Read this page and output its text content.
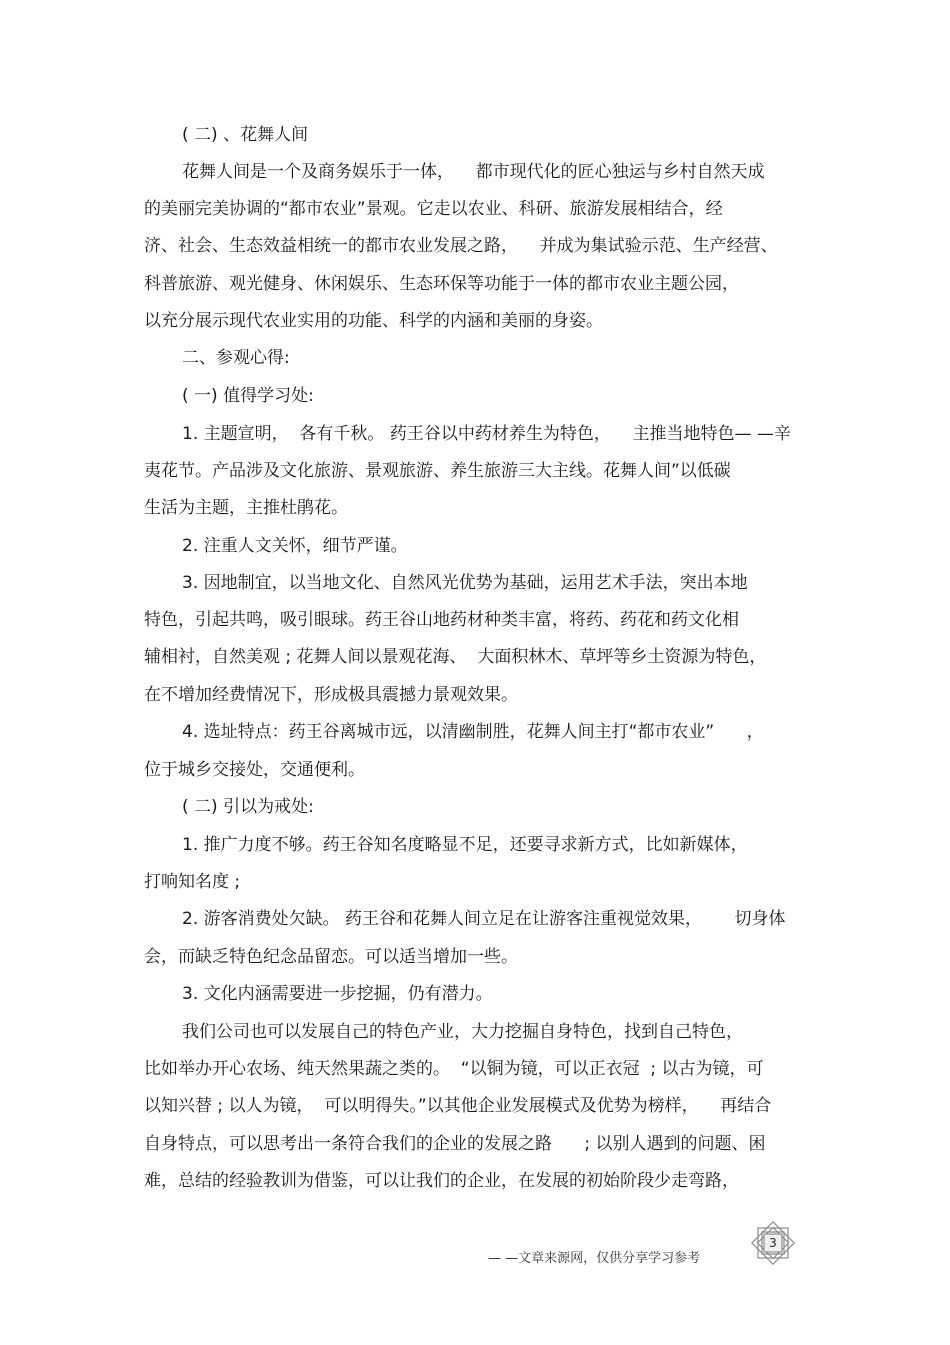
( 二) 、花舞人间
花舞人间是一个及商务娱乐于一体，    都市现代化的匠心独运与乡村自然天成
的美丽完美协调的“都市农业”景观。它走以农业、科研、旅游发展相结合，经
济、社会、生态效益相统一的都市农业发展之路，    并成为集试验示范、生产经营、
科普旅游、观光健身、休闲娱乐、生态环保等功能于一体的都市农业主题公园，
以充分展示现代农业实用的功能、科学的内涵和美丽的身姿。
二、参观心得:
( 一) 值得学习处:
1. 主题宣明，  各有千秋。 药王谷以中药材养生为特色，    主推当地特色— —辛
夷花节。产品涉及文化旅游、景观旅游、养生旅游三大主线。花舞人间”以低碳
生活为主题，主推杜鹃花。
2. 注重人文关怀，细节严谨。
3. 因地制宜，以当地文化、自然风光优势为基础，运用艺术手法，突出本地
特色，引起共鸣，吸引眼球。药王谷山地药材种类丰富，将药、药花和药文化相
辅相衬，自然美观 ; 花舞人间以景观花海、  大面积林木、草坪等乡土资源为特色，
在不增加经费情况下，形成极具震撼力景观效果。
4. 选址特点：药王谷离城市远，以清幽制胜，花舞人间主打“都市农业”      ，
位于城乡交接处，交通便利。
( 二) 引以为戒处:
1. 推广力度不够。药王谷知名度略显不足，还要寻求新方式，比如新媒体，
打响知名度 ;
2. 游客消费处欠缺。 药王谷和花舞人间立足在让游客注重视觉效果，      切身体
会，而缺乏特色纪念品留恋。可以适当增加一些。
3. 文化内涵需要进一步挖掘，仍有潜力。
我们公司也可以发展自己的特色产业，大力挖掘自身特色，找到自己特色，
比如举办开心农场、纯天然果蔬之类的。  “以铜为镜，可以正衣冠  ; 以古为镜，可
以知兴替 ; 以人为镜，  可以明得失。”以其他企业发展模式及优势为榜样，    再结合
自身特点，可以思考出一条符合我们的企业的发展之路      ; 以别人遇到的问题、困
难，总结的经验教训为借鉴，可以让我们的企业，在发展的初始阶段少走弯路，
— —文章来源网，仅供分享学习参考
3
